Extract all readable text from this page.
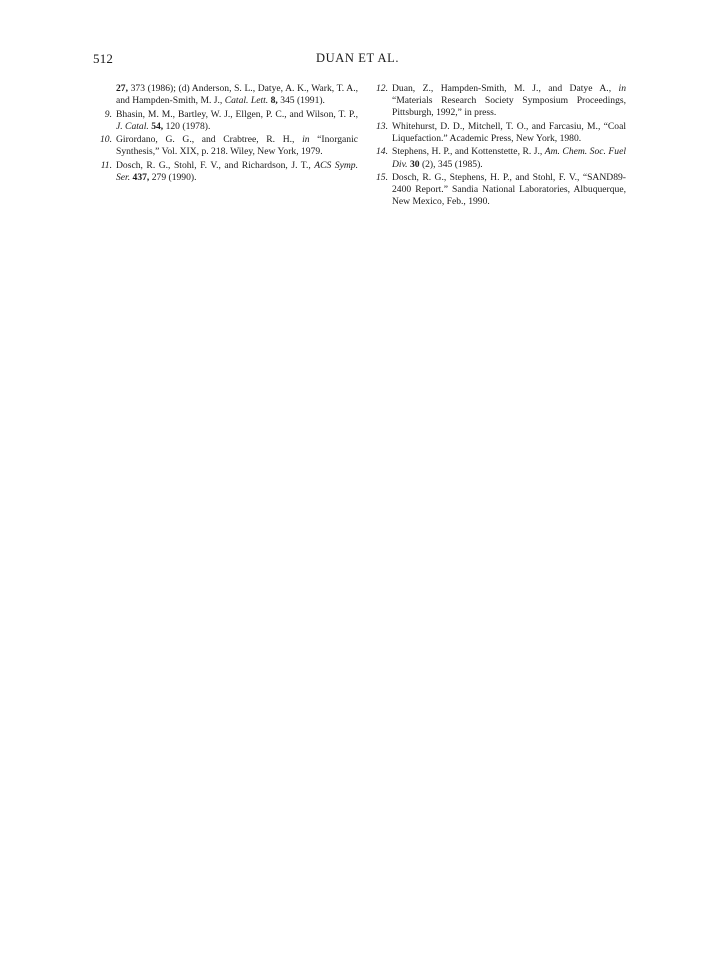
512	DUAN ET AL.

27, 373 (1986); (d) Anderson, S. L., Datye, A. K., Wark, T. A., and Hampden-Smith, M. J., Catal. Lett. 8, 345 (1991).

9. Bhasin, M. M., Bartley, W. J., Ellgen, P. C., and Wilson, T. P., J. Catal. 54, 120 (1978).

10. Girordano, G. G., and Crabtree, R. H., in “Inorganic Synthesis,” Vol. XIX, p. 218. Wiley, New York, 1979.

11. Dosch, R. G., Stohl, F. V., and Richardson, J. T., ACS Symp. Ser. 437, 279 (1990).

12. Duan, Z., Hampden-Smith, M. J., and Datye A., in “Materials Research Society Symposium Proceedings, Pittsburgh, 1992,” in press.

13. Whitehurst, D. D., Mitchell, T. O., and Farcasiu, M., “Coal Liquefaction.” Academic Press, New York, 1980.

14. Stephens, H. P., and Kottenstette, R. J., Am. Chem. Soc. Fuel Div. 30 (2), 345 (1985).

15. Dosch, R. G., Stephens, H. P., and Stohl, F. V., “SAND89-2400 Report.” Sandia National Laboratories, Albuquerque, New Mexico, Feb., 1990.
